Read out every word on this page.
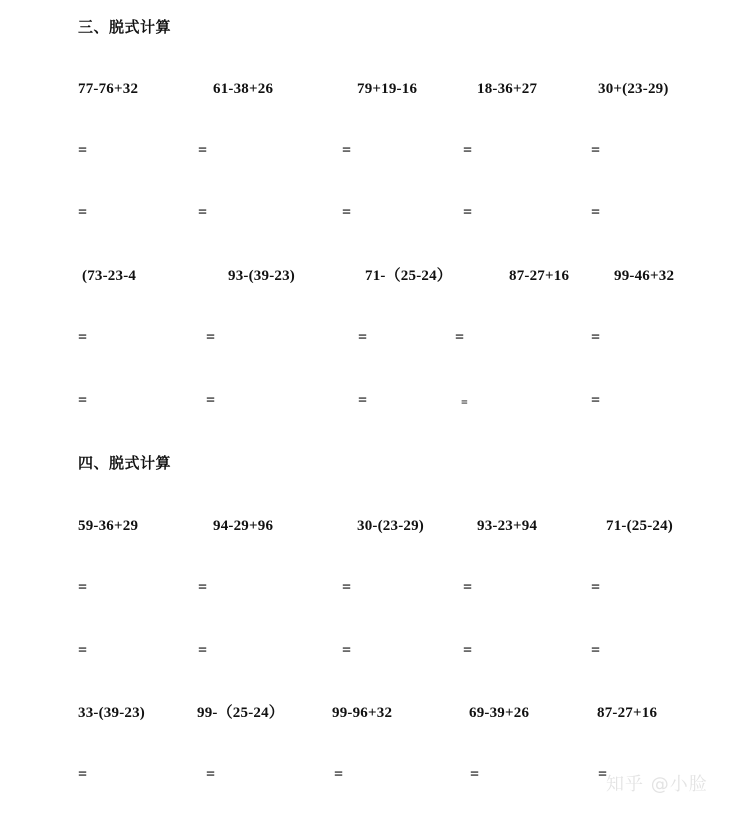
三、脱式计算
77-76+32	61-38+26	79+19-16	18-36+27	30+(23-29)
=	=	=	=	=
=	=	=	=	=
(73-23-4	93-(39-23)	71-（25-24）	87-27+16	99-46+32
=	=	=	=	=
=	=	=	=	=
四、脱式计算
59-36+29	94-29+96	30-(23-29)	93-23+94	71-(25-24)
=	=	=	=	=
=	=	=	=	=
33-(39-23)	99-（25-24）	99-96+32	69-39+26	87-27+16
=	=	=	=	=
知乎 @小脸
